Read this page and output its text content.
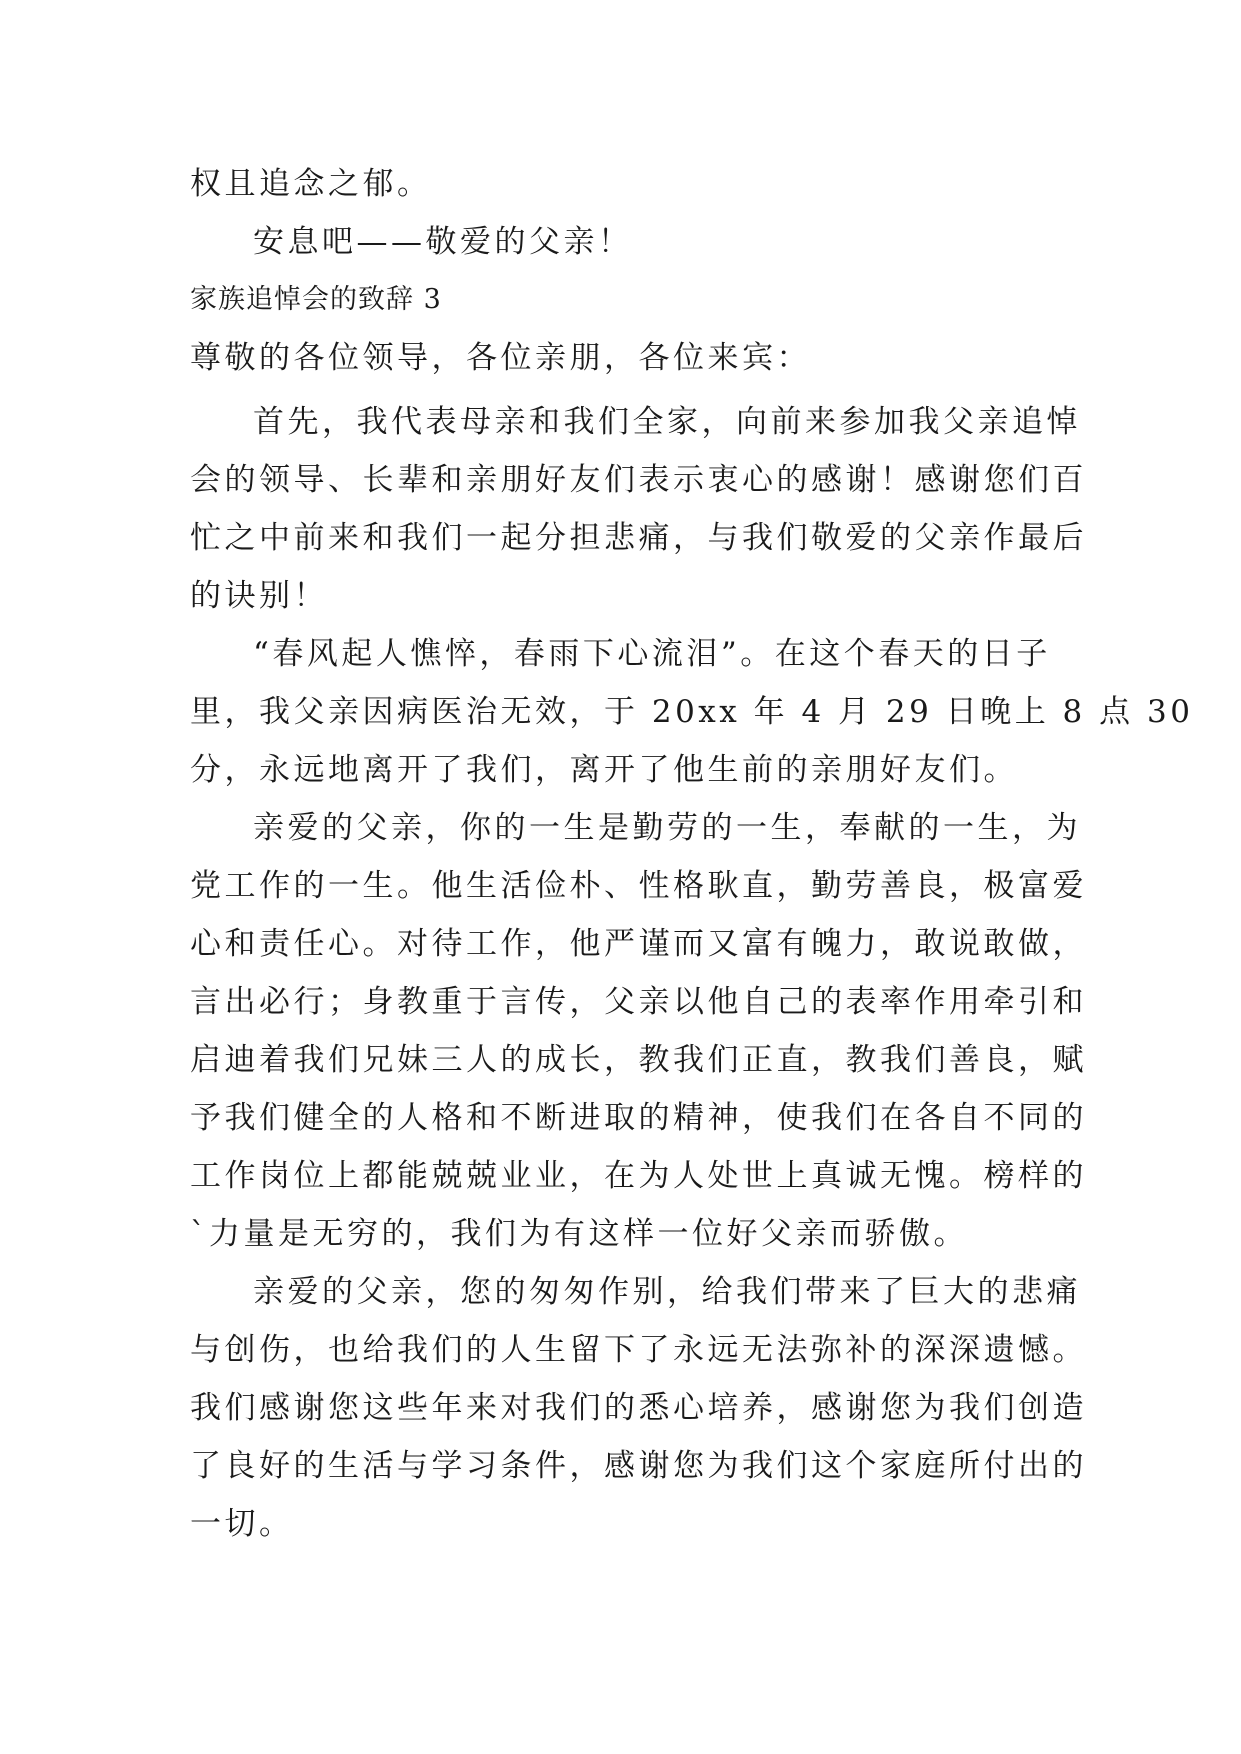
权且追念之郁。
安息吧——敬爱的父亲！
家族追悼会的致辞 3
尊敬的各位领导，各位亲朋，各位来宾：
首先，我代表母亲和我们全家，向前来参加我父亲追悼
会的领导、长辈和亲朋好友们表示衷心的感谢！感谢您们百
忙之中前来和我们一起分担悲痛，与我们敬爱的父亲作最后
的诀别！
“春风起人憔悴，春雨下心流泪”。在这个春天的日子
里，我父亲因病医治无效，于 20xx 年 4 月 29 日晚上 8 点 30
分，永远地离开了我们，离开了他生前的亲朋好友们。
亲爱的父亲，你的一生是勤劳的一生，奉献的一生，为
党工作的一生。他生活俭朴、性格耿直，勤劳善良，极富爱
心和责任心。对待工作，他严谨而又富有魄力，敢说敢做，
言出必行；身教重于言传，父亲以他自己的表率作用牵引和
启迪着我们兄妹三人的成长，教我们正直，教我们善良，赋
予我们健全的人格和不断进取的精神，使我们在各自不同的
工作岗位上都能兢兢业业，在为人处世上真诚无愧。榜样的
`力量是无穷的，我们为有这样一位好父亲而骄傲。
亲爱的父亲，您的匆匆作别，给我们带来了巨大的悲痛
与创伤，也给我们的人生留下了永远无法弥补的深深遗憾。
我们感谢您这些年来对我们的悉心培养，感谢您为我们创造
了良好的生活与学习条件，感谢您为我们这个家庭所付出的
一切。
